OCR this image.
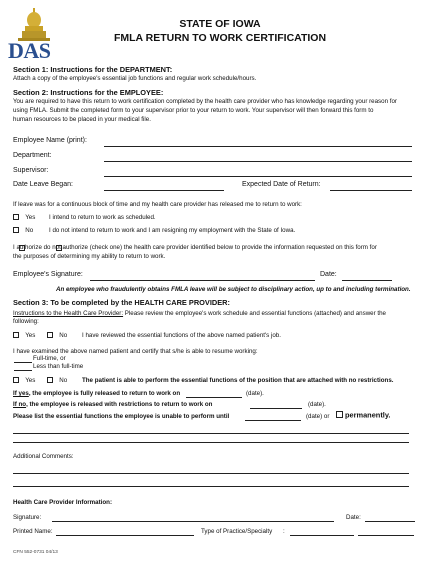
DAS
STATE OF IOWA
FMLA RETURN TO WORK CERTIFICATION
Section 1: Instructions for the DEPARTMENT:
Attach a copy of the employee's essential job functions and regular work schedule/hours.
Section 2: Instructions for the EMPLOYEE:
You are required to have this return to work certification completed by the health care provider who has knowledge regarding your reason for
using FMLA. Submit the completed form to your supervisor prior to your return to work. Your supervisor will then forward this form to
human resources to be placed in your medical file.
Employee Name (print):
Department:
Supervisor:
Date Leave Began:	Expected Date of Return:
If leave was for a continuous block of time and my health care provider has released me to return to work:
Yes I intend to return to work as scheduled.
No	I do not intend to return to work and I am resigning my employment with the State of Iowa.
I authorize do not authorize (check one) the health care provider identified below to provide the information requested on this form for
the purposes of determining my ability to return to work.
Employee's Signature:	Date:
An employee who fraudulently obtains FMLA leave will be subject to disciplinary action, up to and including termination.
Section 3: To be completed by the HEALTH CARE PROVIDER:
Instructions to the Health Care Provider: Please review the employee's work schedule and essential functions (attached) and answer the
following:
Yes	No I have reviewed the essential functions of the above named patient's job.
I have examined the above named patient and certify that s/he is able to resume working:
Full-time, or
Less than full-time
Yes	No The patient is able to perform the essential functions of the position that are attached with no restrictions.
If yes, the employee is fully released to return to work on	(date).
If no, the employee is released with restrictions to return to work on	(date).
Please list the essential functions the employee is unable to perform until	(date) or	permanently.
Additional Comments:
Health Care Provider Information:
Signature:	Date:
Printed Name:	Type of Practice/Specialty :
CFN 552-0731 04/13
